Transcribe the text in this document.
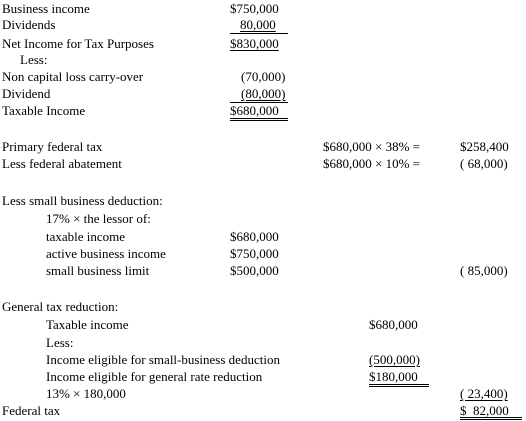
Business income	$750,000
Dividends	80,000
Net Income for Tax Purposes	$830,000
Less:
Non capital loss carry-over	(70,000)
Dividend	(80,000)
Taxable Income	$680,000
Primary federal tax	$680,000 × 38% =	$258,400
Less federal abatement	$680,000 × 10% =	( 68,000)
Less small business deduction:
17% × the lessor of:
taxable income	$680,000
active business income	$750,000
small business limit	$500,000	( 85,000)
General tax reduction:
Taxable income	$680,000
Less:
Income eligible for small-business deduction	(500,000)
Income eligible for general rate reduction	$180,000
13% × 180,000	( 23,400)
Federal tax	$  82,000
